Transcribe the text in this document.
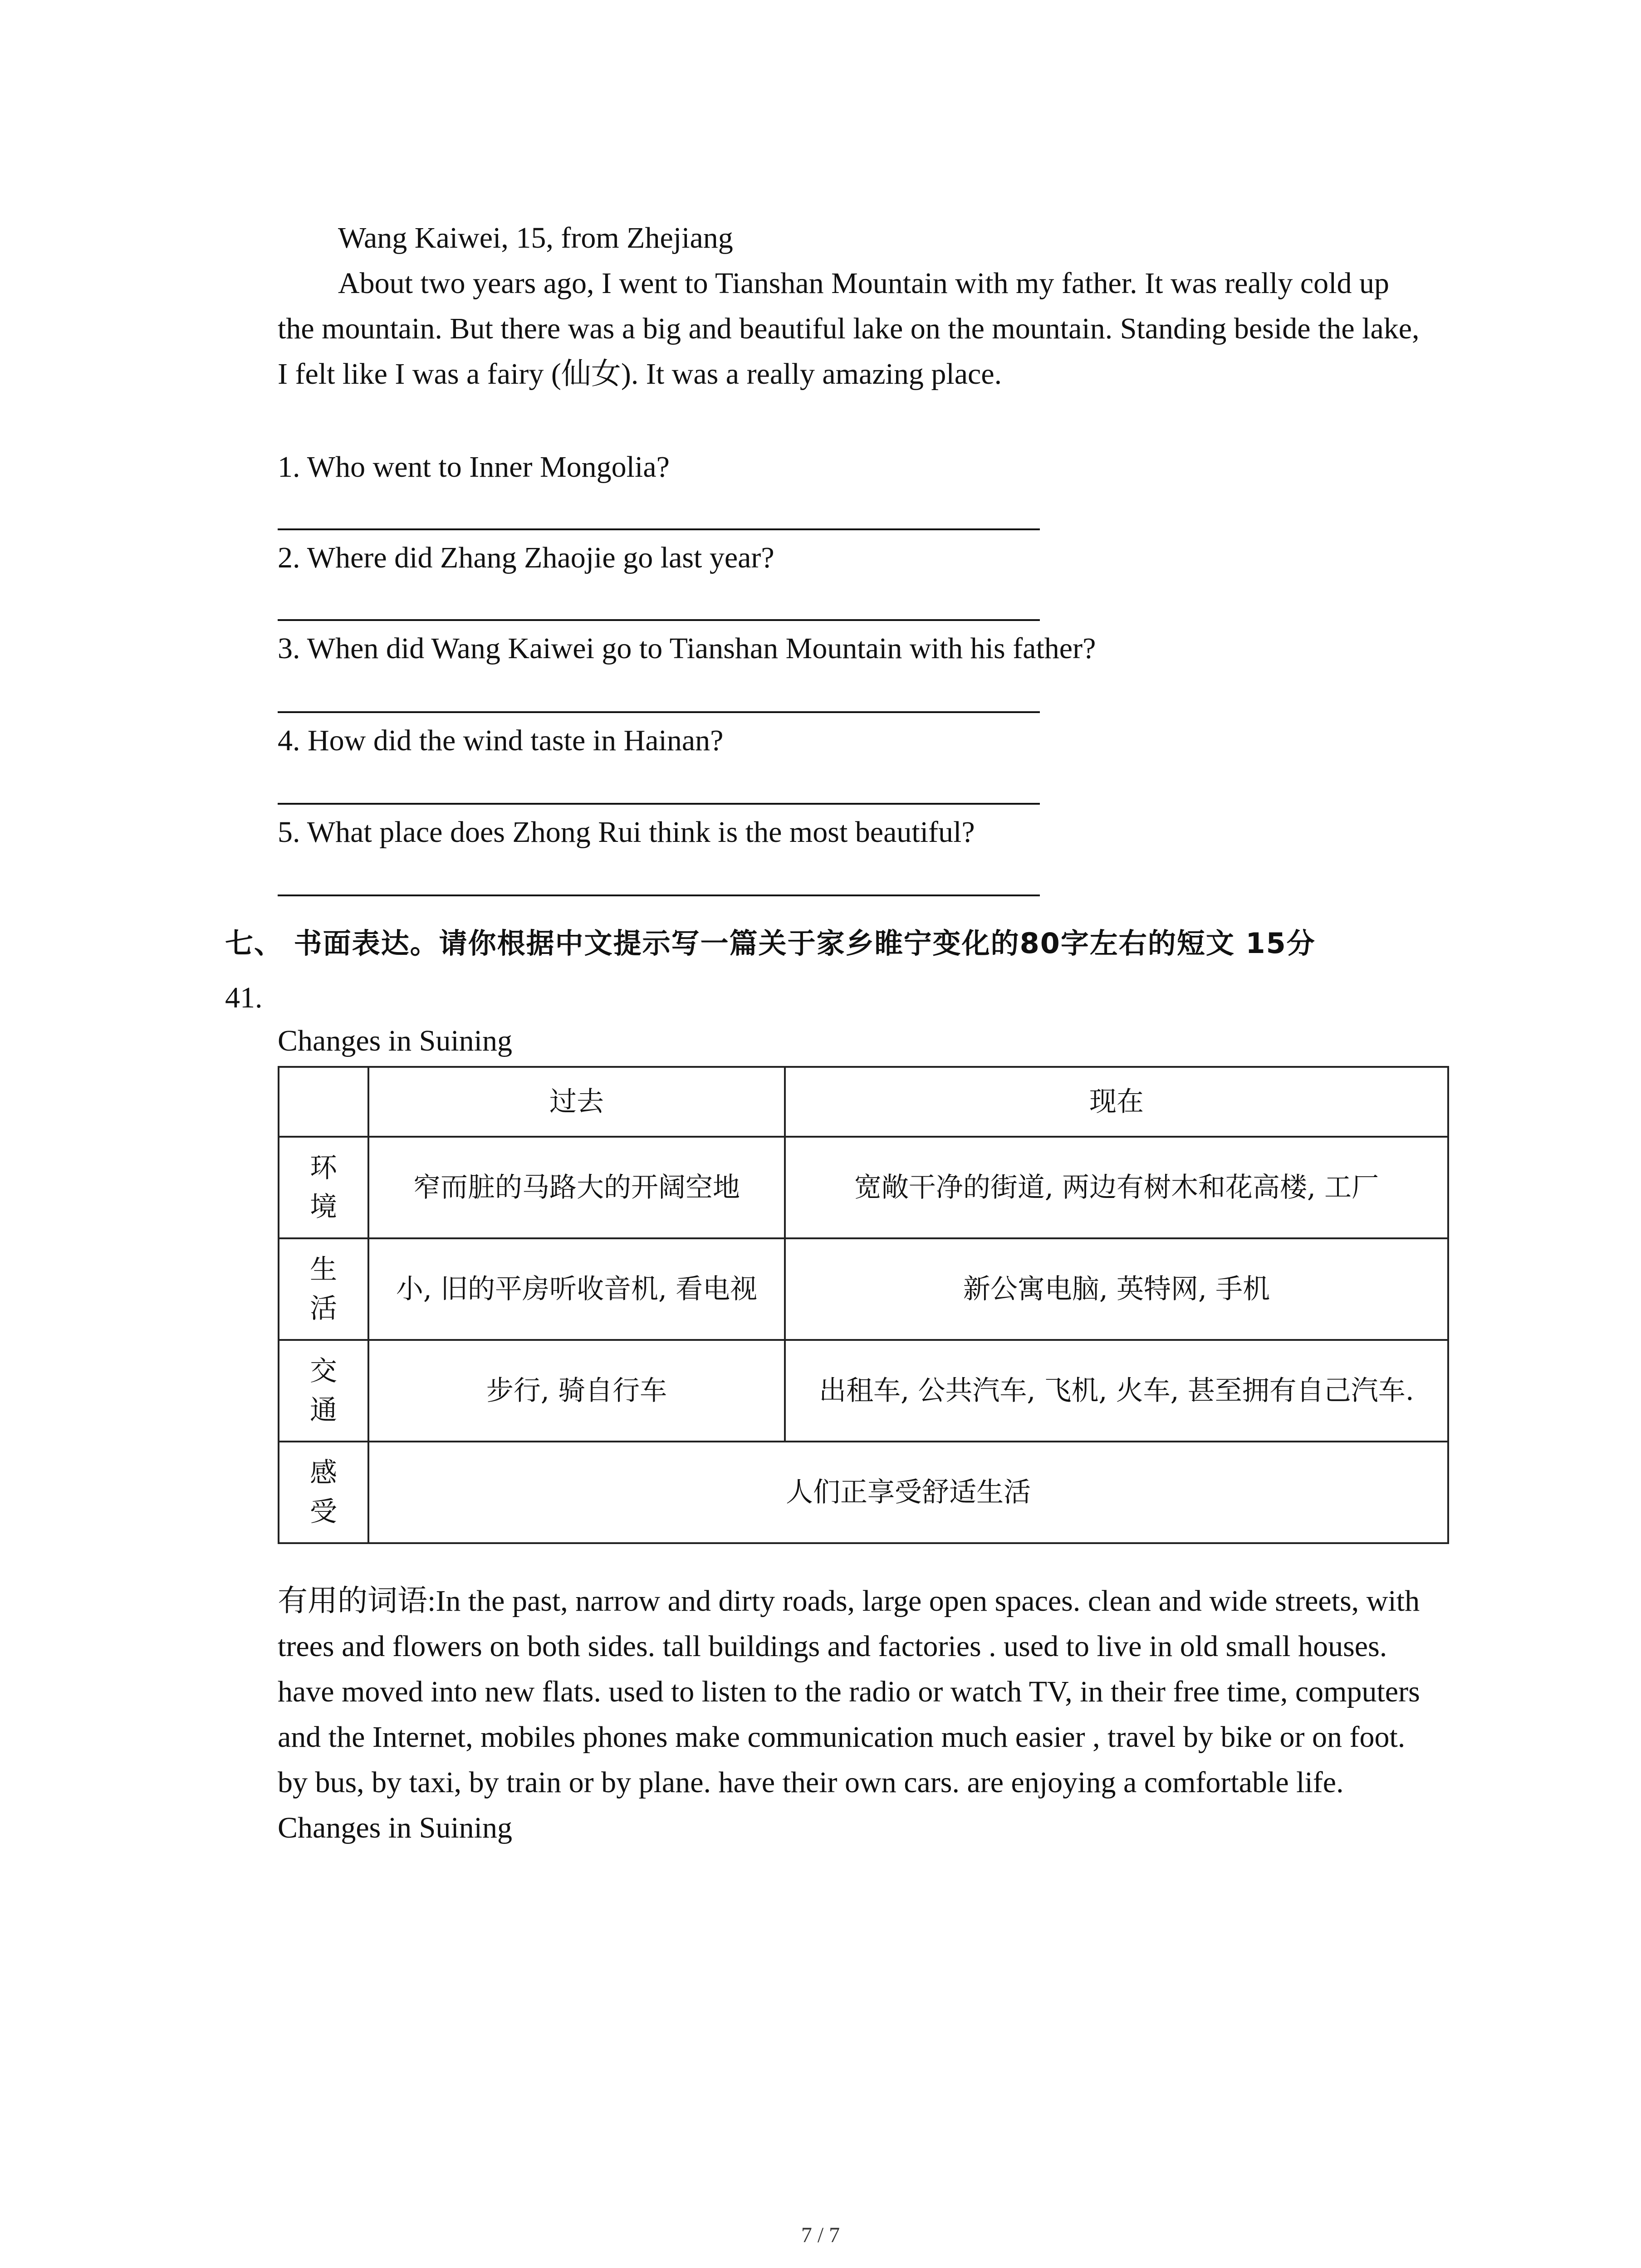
Wang Kaiwei, 15, from Zhejiang
About two years ago, I went to Tianshan Mountain with my father. It was really cold up
the mountain. But there was a big and beautiful lake on the mountain. Standing beside the lake,
I felt like I was a fairy (仙女). It was a really amazing place.
1. Who went to Inner Mongolia?
2. Where did Zhang Zhaojie go last year?
3. When did Wang Kaiwei go to Tianshan Mountain with his father?
4. How did the wind taste in Hainan?
5. What place does Zhong Rui think is the most beautiful?
七、 书面表达。请你根据中文提示写一篇关于家乡睢宁变化的80字左右的短文 15分
41.
Changes in Suining
	过去	现在

环
境	窄而脏的马路大的开阔空地	宽敞干净的街道, 两边有树木和花高楼, 工厂

生
活	小, 旧的平房听收音机, 看电视	新公寓电脑, 英特网, 手机

交
通	步行, 骑自行车	出租车, 公共汽车, 飞机, 火车, 甚至拥有自己汽车.

感
受	人们正享受舒适生活	
有用的词语:In the past, narrow and dirty roads, large open spaces. clean and wide streets, with
trees and flowers on both sides. tall buildings and factories . used to live in old small houses.
have moved into new flats. used to listen to the radio or watch TV, in their free time, computers
and the Internet, mobiles phones make communication much easier , travel by bike or on foot.
by bus, by taxi, by train or by plane. have their own cars. are enjoying a comfortable life.
Changes in Suining
7 / 7
